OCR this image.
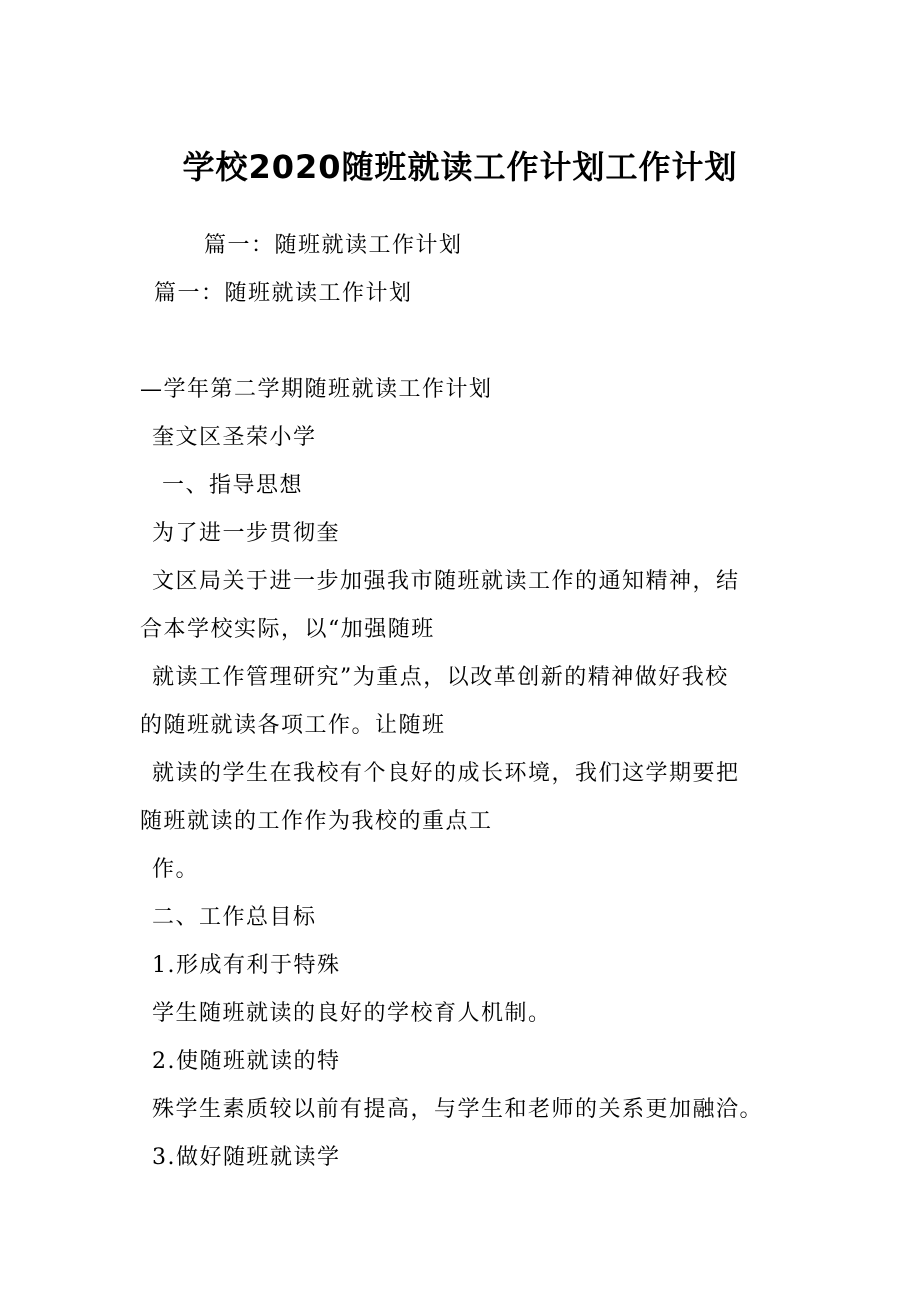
学校2020随班就读工作计划工作计划
篇一：随班就读工作计划
篇一：随班就读工作计划
—学年第二学期随班就读工作计划
奎文区圣荣小学
一、指导思想
为了进一步贯彻奎
文区局关于进一步加强我市随班就读工作的通知精神，结
合本学校实际，以“加强随班
就读工作管理研究”为重点，以改革创新的精神做好我校
的随班就读各项工作。让随班
就读的学生在我校有个良好的成长环境，我们这学期要把
随班就读的工作作为我校的重点工
作。
二、工作总目标
1.形成有利于特殊
学生随班就读的良好的学校育人机制。
2.使随班就读的特
殊学生素质较以前有提高，与学生和老师的关系更加融洽。
3.做好随班就读学
